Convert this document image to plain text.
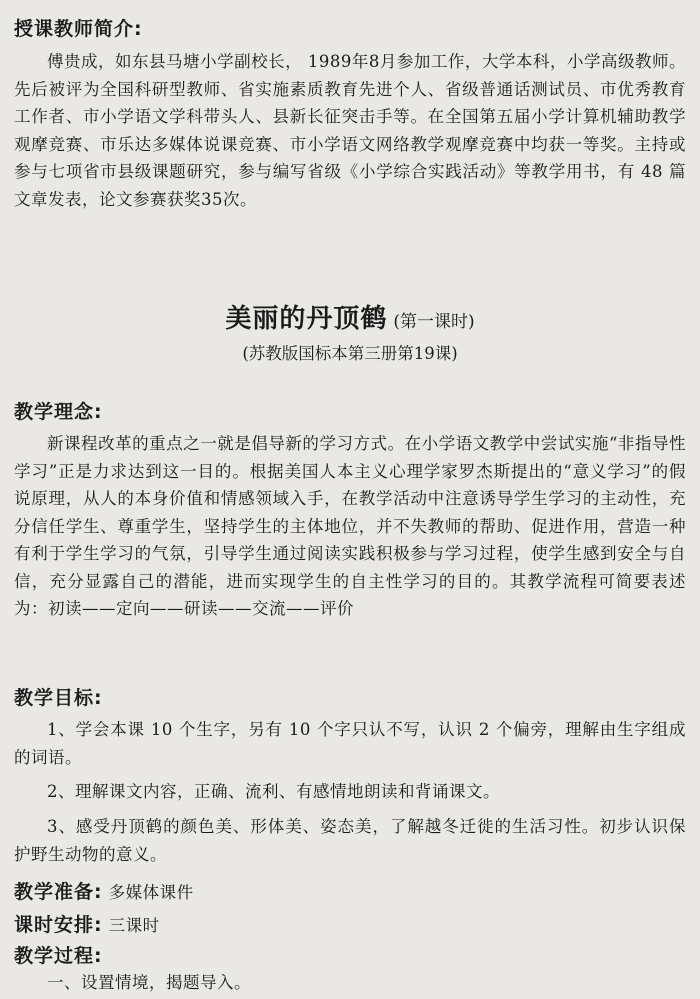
授课教师简介:

傅贵成，如东县马塘小学副校长， 1989年8月参加工作，大学本科，小学高级教师。先后被评为全国科研型教师、省实施素质教育先进个人、省级普通话测试员、市优秀教育工作者、市小学语文学科带头人、县新长征突击手等。在全国第五届小学计算机辅助教学观摩竞赛、市乐达多媒体说课竞赛、市小学语文网络教学观摩竞赛中均获一等奖。主持或参与七项省市县级课题研究，参与编写省级《小学综合实践活动》等教学用书，有 48 篇文章发表，论文参赛获奖35次。

美丽的丹顶鹤 (第一课时)
(苏教版国标本第三册第19课)
教学理念:

新课程改革的重点之一就是倡导新的学习方式。在小学语文教学中尝试实施“非指导性学习”正是力求达到这一目的。根据美国人本主义心理学家罗杰斯提出的“意义学习”的假说原理，从人的本身价值和情感领域入手，在教学活动中注意诱导学生学习的主动性，充分信任学生、尊重学生，坚持学生的主体地位，并不失教师的帮助、促进作用，营造一种有利于学生学习的气氛，引导学生通过阅读实践积极参与学习过程，使学生感到安全与自信，充分显露自己的潜能，进而实现学生的自主性学习的目的。其教学流程可简要表述为：初读——定向——研读——交流——评价

教学目标:

1、学会本课 10 个生字，另有 10 个字只认不写，认识 2 个偏旁，理解由生字组成的词语。

2、理解课文内容，正确、流利、有感情地朗读和背诵课文。

3、感受丹顶鹤的颜色美、形体美、姿态美，了解越冬迁徙的生活习性。初步认识保护野生动物的意义。

教学准备: 多媒体课件
课时安排: 三课时
教学过程:

一、设置情境，揭题导入。
